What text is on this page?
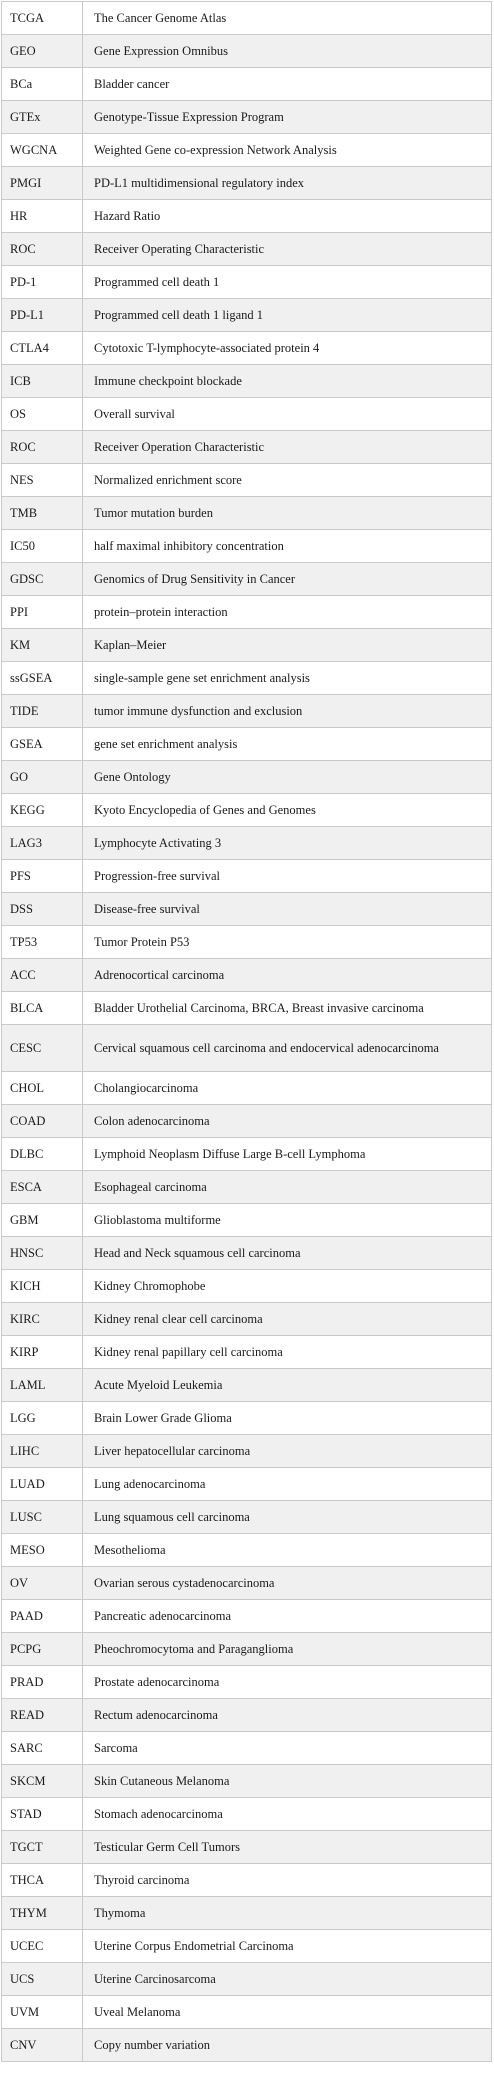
TCGA	The Cancer Genome Atlas
GEO	Gene Expression Omnibus
BCa	Bladder cancer
GTEx	Genotype-Tissue Expression Program
WGCNA	Weighted Gene co-expression Network Analysis
PMGI	PD-L1 multidimensional regulatory index
HR	Hazard Ratio
ROC	Receiver Operating Characteristic
PD-1	Programmed cell death 1
PD-L1	Programmed cell death 1 ligand 1
CTLA4	Cytotoxic T-lymphocyte-associated protein 4
ICB	Immune checkpoint blockade
OS	Overall survival
ROC	Receiver Operation Characteristic
NES	Normalized enrichment score
TMB	Tumor mutation burden
IC50	half maximal inhibitory concentration
GDSC	Genomics of Drug Sensitivity in Cancer
PPI	protein–protein interaction
KM	Kaplan–Meier
ssGSEA	single-sample gene set enrichment analysis
TIDE	tumor immune dysfunction and exclusion
GSEA	gene set enrichment analysis
GO	Gene Ontology
KEGG	Kyoto Encyclopedia of Genes and Genomes
LAG3	Lymphocyte Activating 3
PFS	Progression-free survival
DSS	Disease-free survival
TP53	Tumor Protein P53
ACC	Adrenocortical carcinoma
BLCA	Bladder Urothelial Carcinoma, BRCA, Breast invasive carcinoma
CESC	Cervical squamous cell carcinoma and endocervical adenocarcinoma
CHOL	Cholangiocarcinoma
COAD	Colon adenocarcinoma
DLBC	Lymphoid Neoplasm Diffuse Large B-cell Lymphoma
ESCA	Esophageal carcinoma
GBM	Glioblastoma multiforme
HNSC	Head and Neck squamous cell carcinoma
KICH	Kidney Chromophobe
KIRC	Kidney renal clear cell carcinoma
KIRP	Kidney renal papillary cell carcinoma
LAML	Acute Myeloid Leukemia
LGG	Brain Lower Grade Glioma
LIHC	Liver hepatocellular carcinoma
LUAD	Lung adenocarcinoma
LUSC	Lung squamous cell carcinoma
MESO	Mesothelioma
OV	Ovarian serous cystadenocarcinoma
PAAD	Pancreatic adenocarcinoma
PCPG	Pheochromocytoma and Paraganglioma
PRAD	Prostate adenocarcinoma
READ	Rectum adenocarcinoma
SARC	Sarcoma
SKCM	Skin Cutaneous Melanoma
STAD	Stomach adenocarcinoma
TGCT	Testicular Germ Cell Tumors
THCA	Thyroid carcinoma
THYM	Thymoma
UCEC	Uterine Corpus Endometrial Carcinoma
UCS	Uterine Carcinosarcoma
UVM	Uveal Melanoma
CNV	Copy number variation
